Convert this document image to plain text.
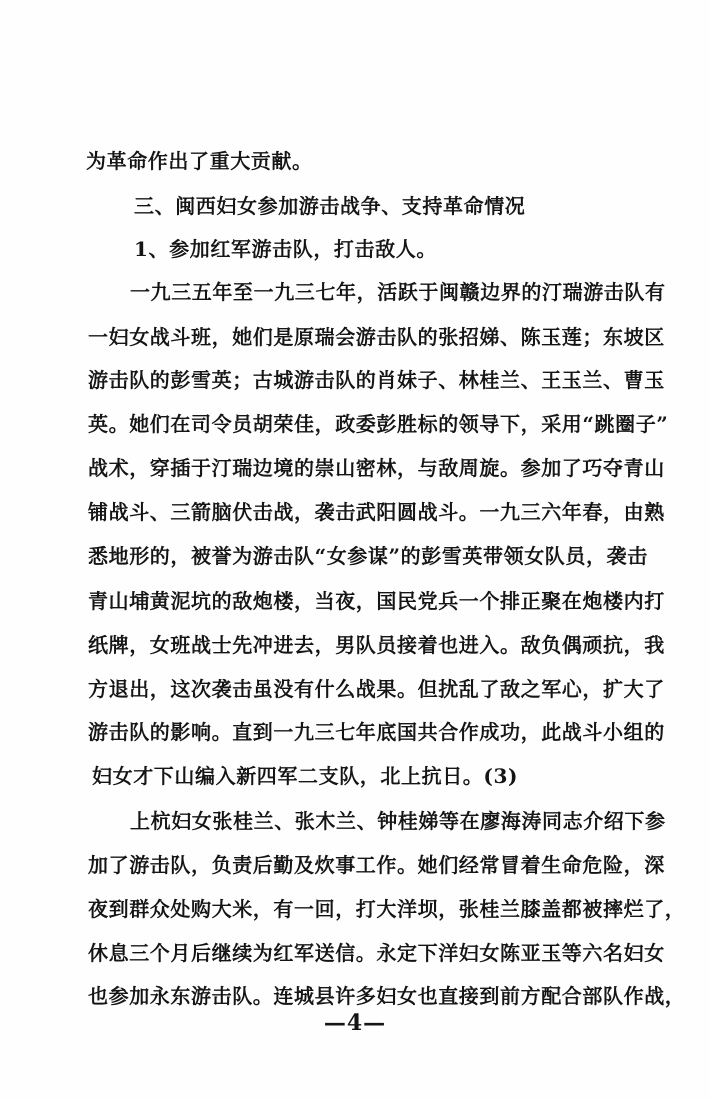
为革命作出了重大贡献。
三、闽西妇女参加游击战争、支持革命情况
1、参加红军游击队，打击敌人。
一九三五年至一九三七年，活跃于闽赣边界的汀瑞游击队有
一妇女战斗班，她们是原瑞会游击队的张招娣、陈玉莲；东坡区
游击队的彭雪英；古城游击队的肖妹子、林桂兰、王玉兰、曹玉
英。她们在司令员胡荣佳，政委彭胜标的领导下，采用“跳圈子”
战术，穿插于汀瑞边境的崇山密林，与敌周旋。参加了巧夺青山
铺战斗、三箭脑伏击战，袭击武阳圆战斗。一九三六年春，由熟
悉地形的，被誉为游击队“女参谋”的彭雪英带领女队员，袭击
青山埔黄泥坑的敌炮楼，当夜，国民党兵一个排正聚在炮楼内打
纸牌，女班战士先冲进去，男队员接着也进入。敌负偶顽抗，我
方退出，这次袭击虽没有什么战果。但扰乱了敌之军心，扩大了
游击队的影响。直到一九三七年底国共合作成功，此战斗小组的
妇女才下山编入新四军二支队，北上抗日。(3)
上杭妇女张桂兰、张木兰、钟桂娣等在廖海涛同志介绍下参
加了游击队，负责后勤及炊事工作。她们经常冒着生命危险，深
夜到群众处购大米，有一回，打大洋坝，张桂兰膝盖都被摔烂了，
休息三个月后继续为红军送信。永定下洋妇女陈亚玉等六名妇女
也参加永东游击队。连城县许多妇女也直接到前方配合部队作战，
—4—
